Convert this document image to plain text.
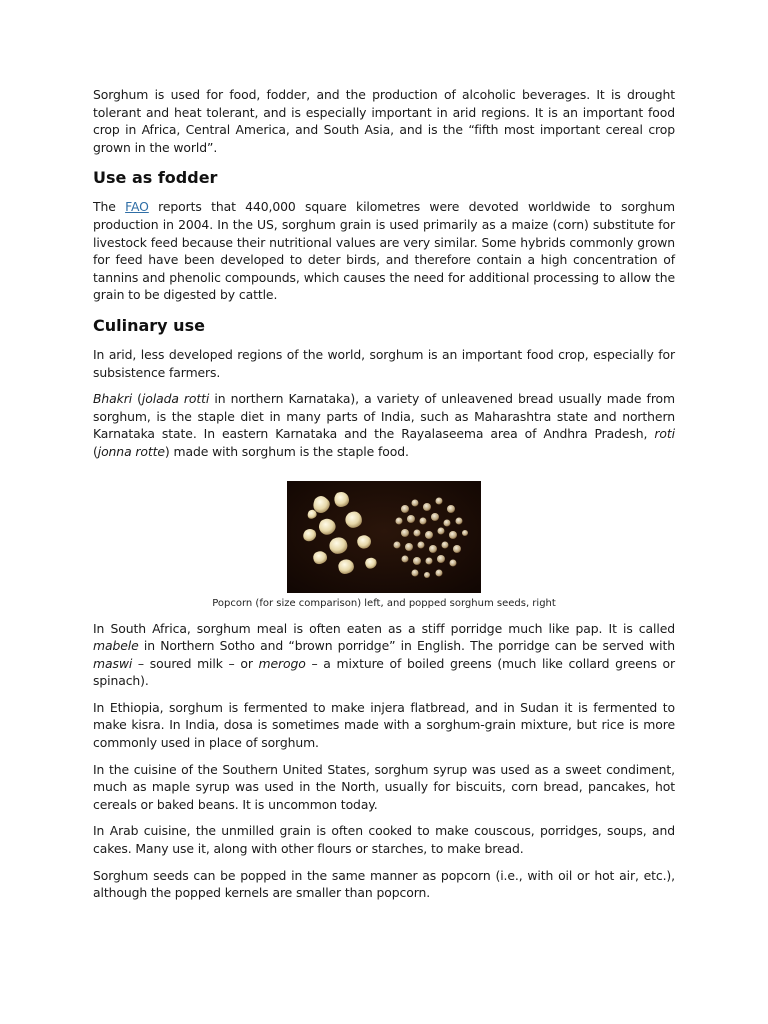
Sorghum is used for food, fodder, and the production of alcoholic beverages. It is drought tolerant and heat tolerant, and is especially important in arid regions. It is an important food crop in Africa, Central America, and South Asia, and is the “fifth most important cereal crop grown in the world”.

Use as fodder

The FAO reports that 440,000 square kilometres were devoted worldwide to sorghum production in 2004. In the US, sorghum grain is used primarily as a maize (corn) substitute for livestock feed because their nutritional values are very similar. Some hybrids commonly grown for feed have been developed to deter birds, and therefore contain a high concentration of tannins and phenolic compounds, which causes the need for additional processing to allow the grain to be digested by cattle.

Culinary use

In arid, less developed regions of the world, sorghum is an important food crop, especially for subsistence farmers.

Bhakri (jolada rotti in northern Karnataka), a variety of unleavened bread usually made from sorghum, is the staple diet in many parts of India, such as Maharashtra state and northern Karnataka state. In eastern Karnataka and the Rayalaseema area of Andhra Pradesh, roti (jonna rotte) made with sorghum is the staple food.

Popcorn (for size comparison) left, and popped sorghum seeds, right

In South Africa, sorghum meal is often eaten as a stiff porridge much like pap. It is called mabele in Northern Sotho and “brown porridge” in English. The porridge can be served with maswi – soured milk – or merogo – a mixture of boiled greens (much like collard greens or spinach).

In Ethiopia, sorghum is fermented to make injera flatbread, and in Sudan it is fermented to make kisra. In India, dosa is sometimes made with a sorghum-grain mixture, but rice is more commonly used in place of sorghum.

In the cuisine of the Southern United States, sorghum syrup was used as a sweet condiment, much as maple syrup was used in the North, usually for biscuits, corn bread, pancakes, hot cereals or baked beans. It is uncommon today.

In Arab cuisine, the unmilled grain is often cooked to make couscous, porridges, soups, and cakes. Many use it, along with other flours or starches, to make bread.

Sorghum seeds can be popped in the same manner as popcorn (i.e., with oil or hot air, etc.), although the popped kernels are smaller than popcorn.
